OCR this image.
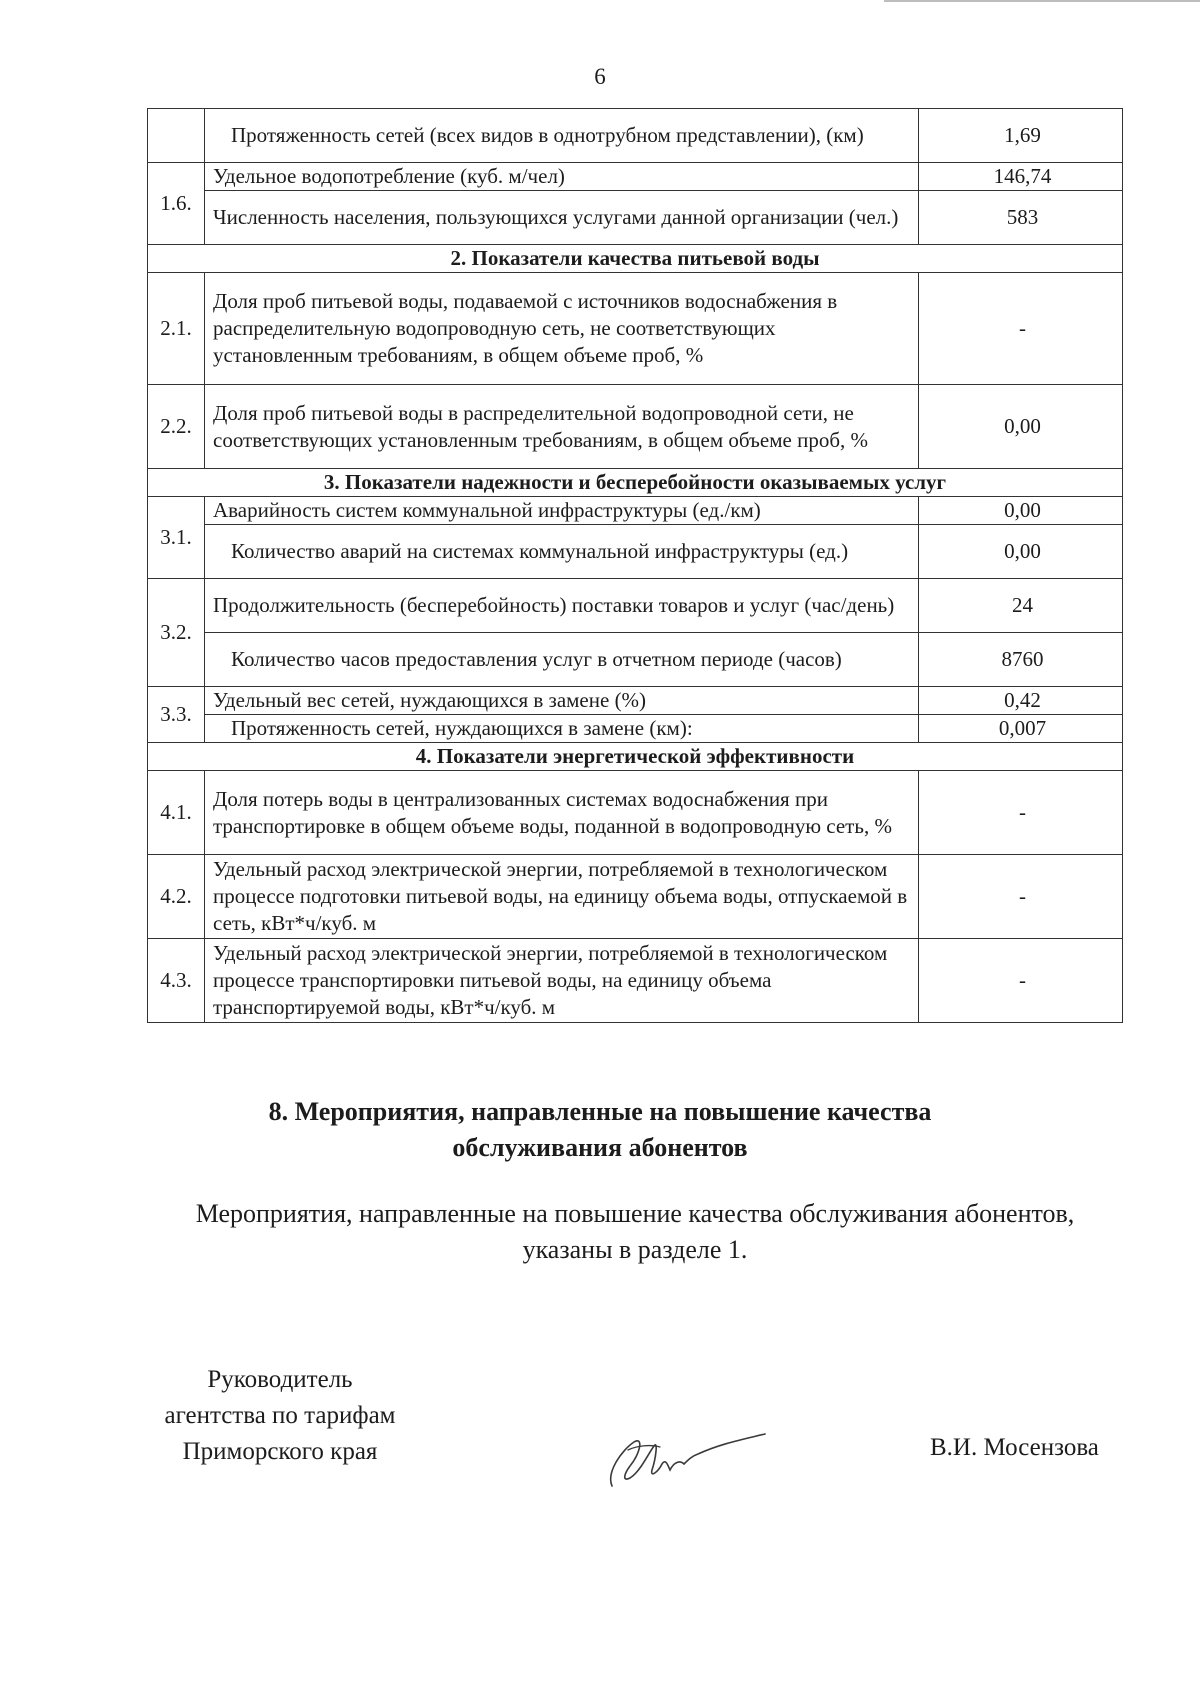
6
	Протяженность сетей (всех видов в однотрубном представлении), (км)	1,69
1.6.	Удельное водопотребление (куб. м/чел)	146,74
	Численность населения, пользующихся услугами данной организации (чел.)	583
2. Показатели качества питьевой воды		
2.1.	Доля проб питьевой воды, подаваемой с источников водоснабжения в распределительную водопроводную сеть, не соответствующих установленным требованиям, в общем объеме проб, %	-
2.2.	Доля проб питьевой воды в распределительной водопроводной сети, не соответствующих установленным требованиям, в общем объеме проб, %	0,00
3. Показатели надежности и бесперебойности оказываемых услуг		
3.1.	Аварийность систем коммунальной инфраструктуры (ед./км)	0,00
	Количество аварий на системах коммунальной инфраструктуры (ед.)	0,00
3.2.	Продолжительность (бесперебойность) поставки товаров и услуг (час/день)	24
	Количество часов предоставления услуг в отчетном периоде (часов)	8760
3.3.	Удельный вес сетей, нуждающихся в замене (%)	0,42
	Протяженность сетей, нуждающихся в замене (км):	0,007
4. Показатели энергетической эффективности		
4.1.	Доля потерь воды в централизованных системах водоснабжения при транспортировке в общем объеме воды, поданной в водопроводную сеть, %	-
4.2.	Удельный расход электрической энергии, потребляемой в технологическом процессе подготовки питьевой воды, на единицу объема воды, отпускаемой в сеть, кВт*ч/куб. м	-
4.3.	Удельный расход электрической энергии, потребляемой в технологическом процессе транспортировки питьевой воды, на единицу объема транспортируемой воды, кВт*ч/куб. м	-
8. Мероприятия, направленные на повышение качества
обслуживания абонентов
Мероприятия, направленные на повышение качества обслуживания абонентов,
указаны в разделе 1.
Руководитель
агентства по тарифам
Приморского края	В.И. Мосензова
